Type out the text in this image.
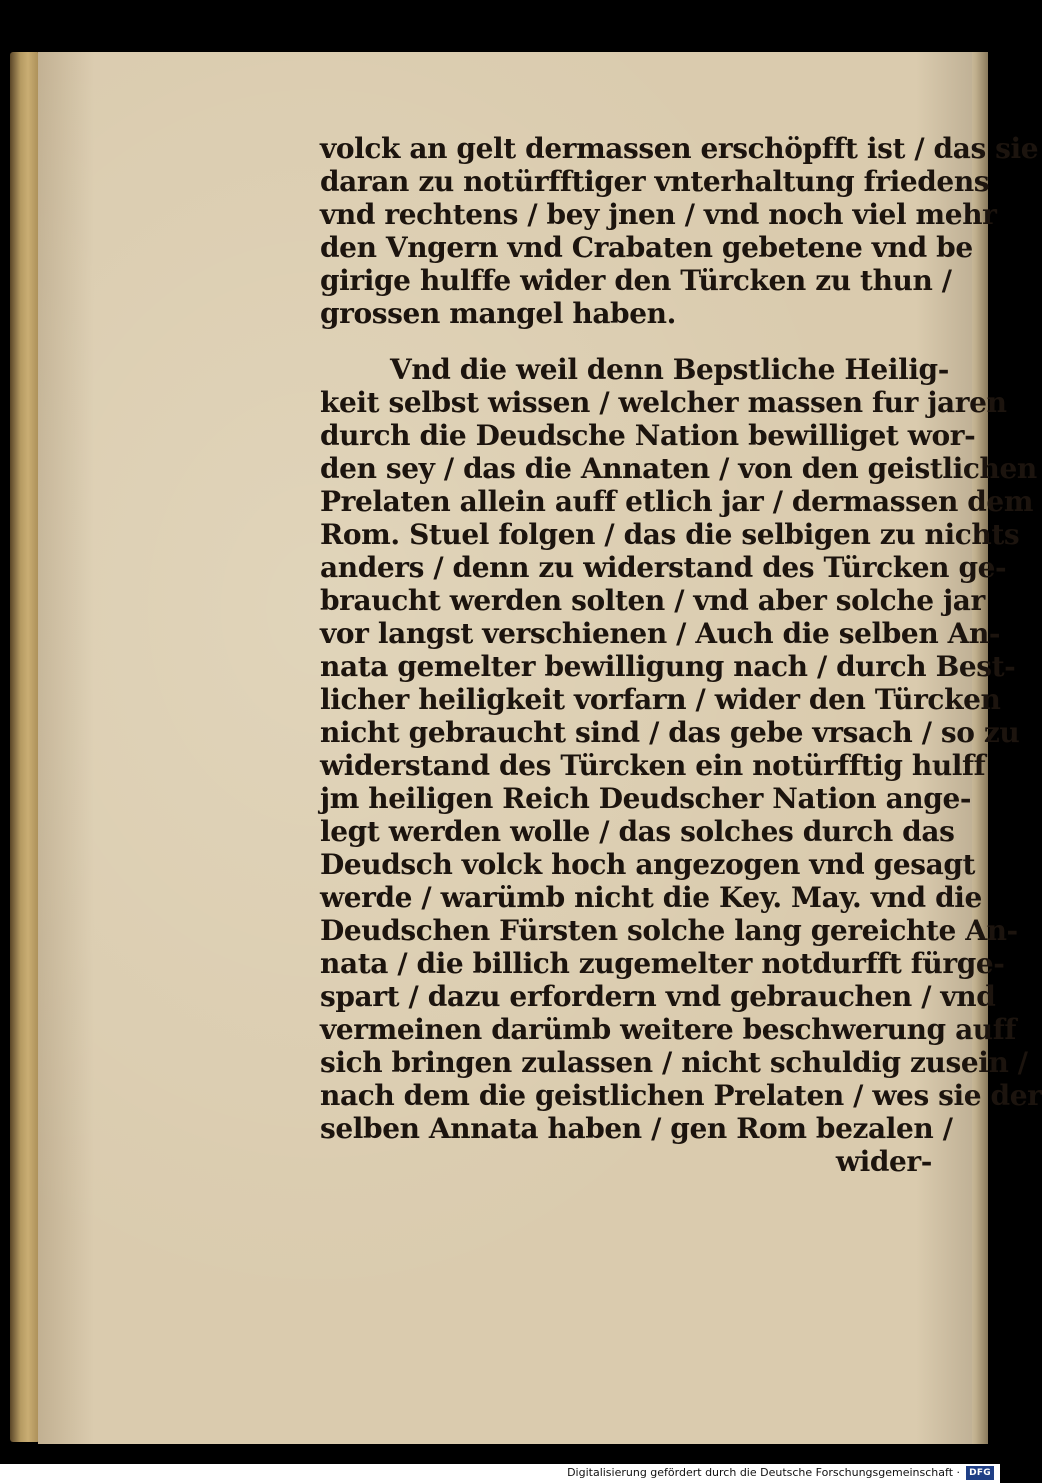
volck an gelt dermassen erschöpfft ist / das sie
daran zu notürfftiger vnterhaltung friedens
vnd rechtens / bey jnen / vnd noch viel mehr
den Vngern vnd Crabaten gebetene vnd be
girige hulffe wider den Türcken zu thun /
grossen mangel haben.
Vnd die weil denn Bepstliche Heilig-
keit selbst wissen / welcher massen fur jaren
durch die Deudsche Nation bewilliget wor-
den sey / das die Annaten / von den geistlichen
Prelaten allein auff etlich jar / dermassen dem
Rom. Stuel folgen / das die selbigen zu nichts
anders / denn zu widerstand des Türcken ge-
braucht werden solten / vnd aber solche jar
vor langst verschienen / Auch die selben An-
nata gemelter bewilligung nach / durch Best-
licher heiligkeit vorfarn / wider den Türcken
nicht gebraucht sind / das gebe vrsach / so zu
widerstand des Türcken ein notürfftig hulff
jm heiligen Reich Deudscher Nation ange-
legt werden wolle / das solches durch das
Deudsch volck hoch angezogen vnd gesagt
werde / warümb nicht die Key. May. vnd die
Deudschen Fürsten solche lang gereichte An-
nata / die billich zugemelter notdurfft fürge-
spart / dazu erfordern vnd gebrauchen / vnd
vermeinen darümb weitere beschwerung auff
sich bringen zulassen / nicht schuldig zusein /
nach dem die geistlichen Prelaten / wes sie der
selben Annata haben / gen Rom bezalen /
wider-
Digitalisierung gefördert durch die Deutsche Forschungsgemeinschaft ·	DFG
